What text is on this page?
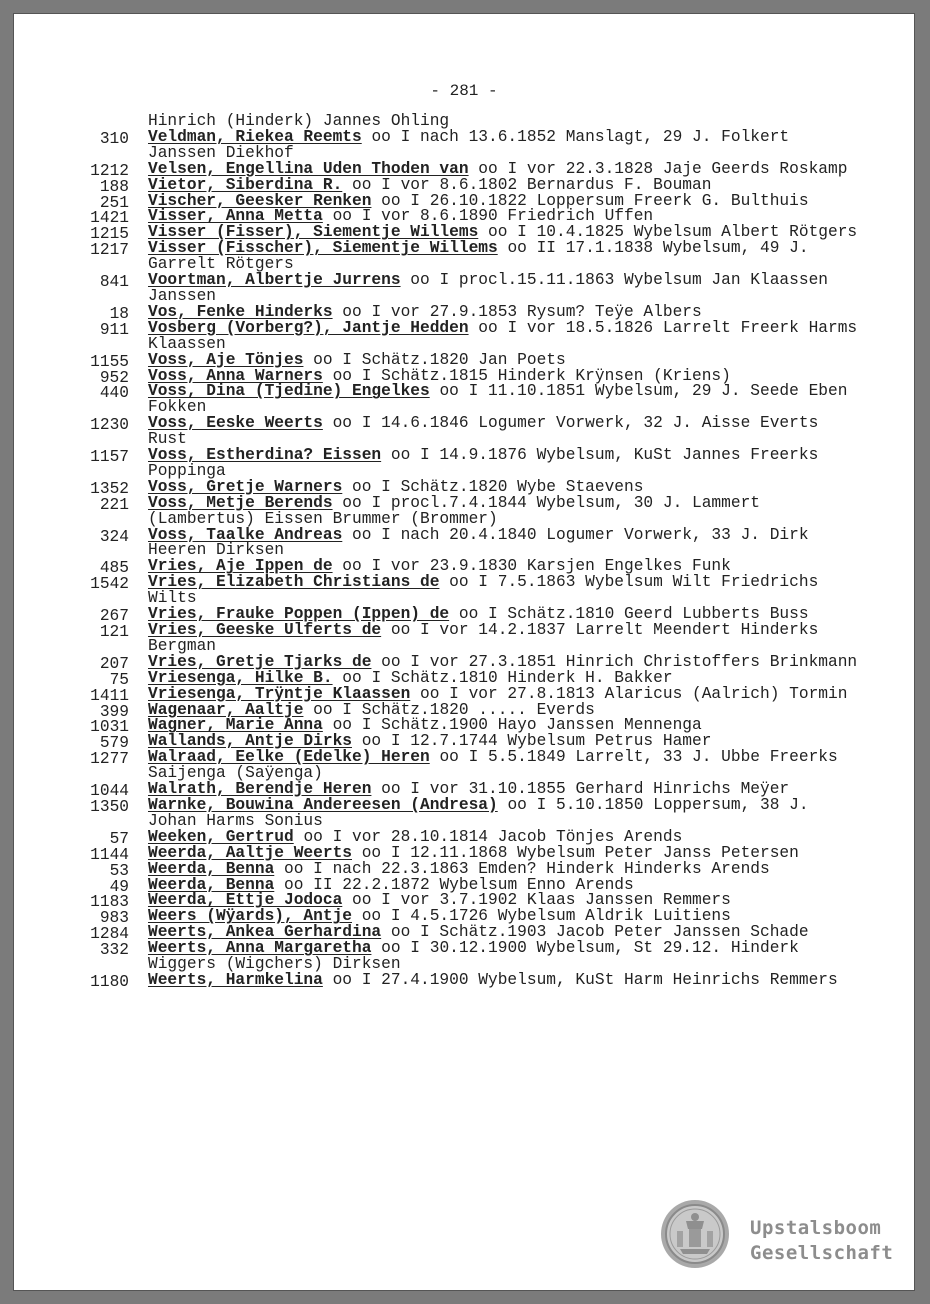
- 281 -
Hinrich (Hinderk) Jannes Ohling
310 Veldman, Riekea Reemts oo I nach 13.6.1852 Manslagt, 29 J. Folkert Janssen Diekhof
1212 Velsen, Engellina Uden Thoden van oo I vor 22.3.1828 Jaje Geerds Roskamp
188 Vietor, Siberdina R. oo I vor 8.6.1802 Bernardus F. Bouman
251 Vischer, Geesker Renken oo I 26.10.1822 Loppersum Freerk G. Bulthuis
1421 Visser, Anna Metta oo I vor 8.6.1890 Friedrich Uffen
1215 Visser (Fisser), Siementje Willems oo I 10.4.1825 Wybelsum Albert Rötgers
1217 Visser (Fisscher), Siementje Willems oo II 17.1.1838 Wybelsum, 49 J. Garrelt Rötgers
841 Voortman, Albertje Jurrens oo I procl.15.11.1863 Wybelsum Jan Klaassen Janssen
18 Vos, Fenke Hinderks oo I vor 27.9.1853 Rysum? Teÿe Albers
911 Vosberg (Vorberg?), Jantje Hedden oo I vor 18.5.1826 Larrelt Freerk Harms Klaassen
1155 Voss, Aje Tönjes oo I Schätz.1820 Jan Poets
952 Voss, Anna Warners oo I Schätz.1815 Hinderk Krÿnsen (Kriens)
440 Voss, Dina (Tjedine) Engelkes oo I 11.10.1851 Wybelsum, 29 J. Seede Eben Fokken
1230 Voss, Eeske Weerts oo I 14.6.1846 Logumer Vorwerk, 32 J. Aisse Everts Rust
1157 Voss, Estherdina? Eissen oo I 14.9.1876 Wybelsum, KuSt Jannes Freerks Poppinga
1352 Voss, Gretje Warners oo I Schätz.1820 Wybe Staevens
221 Voss, Metje Berends oo I procl.7.4.1844 Wybelsum, 30 J. Lammert (Lambertus) Eissen Brummer (Brommer)
324 Voss, Taalke Andreas oo I nach 20.4.1840 Logumer Vorwerk, 33 J. Dirk Heeren Dirksen
485 Vries, Aje Ippen de oo I vor 23.9.1830 Karsjen Engelkes Funk
1542 Vries, Elizabeth Christians de oo I 7.5.1863 Wybelsum Wilt Friedrichs Wilts
267 Vries, Frauke Poppen (Ippen) de oo I Schätz.1810 Geerd Lubberts Buss
121 Vries, Geeske Ulferts de oo I vor 14.2.1837 Larrelt Meendert Hinderks Bergman
207 Vries, Gretje Tjarks de oo I vor 27.3.1851 Hinrich Christoffers Brinkmann
75 Vriesenga, Hilke B. oo I Schätz.1810 Hinderk H. Bakker
1411 Vriesenga, Trÿntje Klaassen oo I vor 27.8.1813 Alaricus (Aalrich) Tormin
399 Wagenaar, Aaltje oo I Schätz.1820 ..... Everds
1031 Wagner, Marie Anna oo I Schätz.1900 Hayo Janssen Mennenga
579 Wallands, Antje Dirks oo I 12.7.1744 Wybelsum Petrus Hamer
1277 Walraad, Eelke (Edelke) Heren oo I 5.5.1849 Larrelt, 33 J. Ubbe Freerks Saijenga (Saÿenga)
1044 Walrath, Berendje Heren oo I vor 31.10.1855 Gerhard Hinrichs Meÿer
1350 Warnke, Bouwina Andereesen (Andresa) oo I 5.10.1850 Loppersum, 38 J. Johan Harms Sonius
57 Weeken, Gertrud oo I vor 28.10.1814 Jacob Tönjes Arends
1144 Weerda, Aaltje Weerts oo I 12.11.1868 Wybelsum Peter Janss Petersen
53 Weerda, Benna oo I nach 22.3.1863 Emden? Hinderk Hinderks Arends
49 Weerda, Benna oo II 22.2.1872 Wybelsum Enno Arends
1183 Weerda, Ettje Jodoca oo I vor 3.7.1902 Klaas Janssen Remmers
983 Weers (Wÿards), Antje oo I 4.5.1726 Wybelsum Aldrik Luitiens
1284 Weerts, Ankea Gerhardina oo I Schätz.1903 Jacob Peter Janssen Schade
332 Weerts, Anna Margaretha oo I 30.12.1900 Wybelsum, St 29.12. Hinderk Wiggers (Wigchers) Dirksen
1180 Weerts, Harmkelina oo I 27.4.1900 Wybelsum, KuSt Harm Heinrichs Remmers
Upstalsboom
Gesellschaft
